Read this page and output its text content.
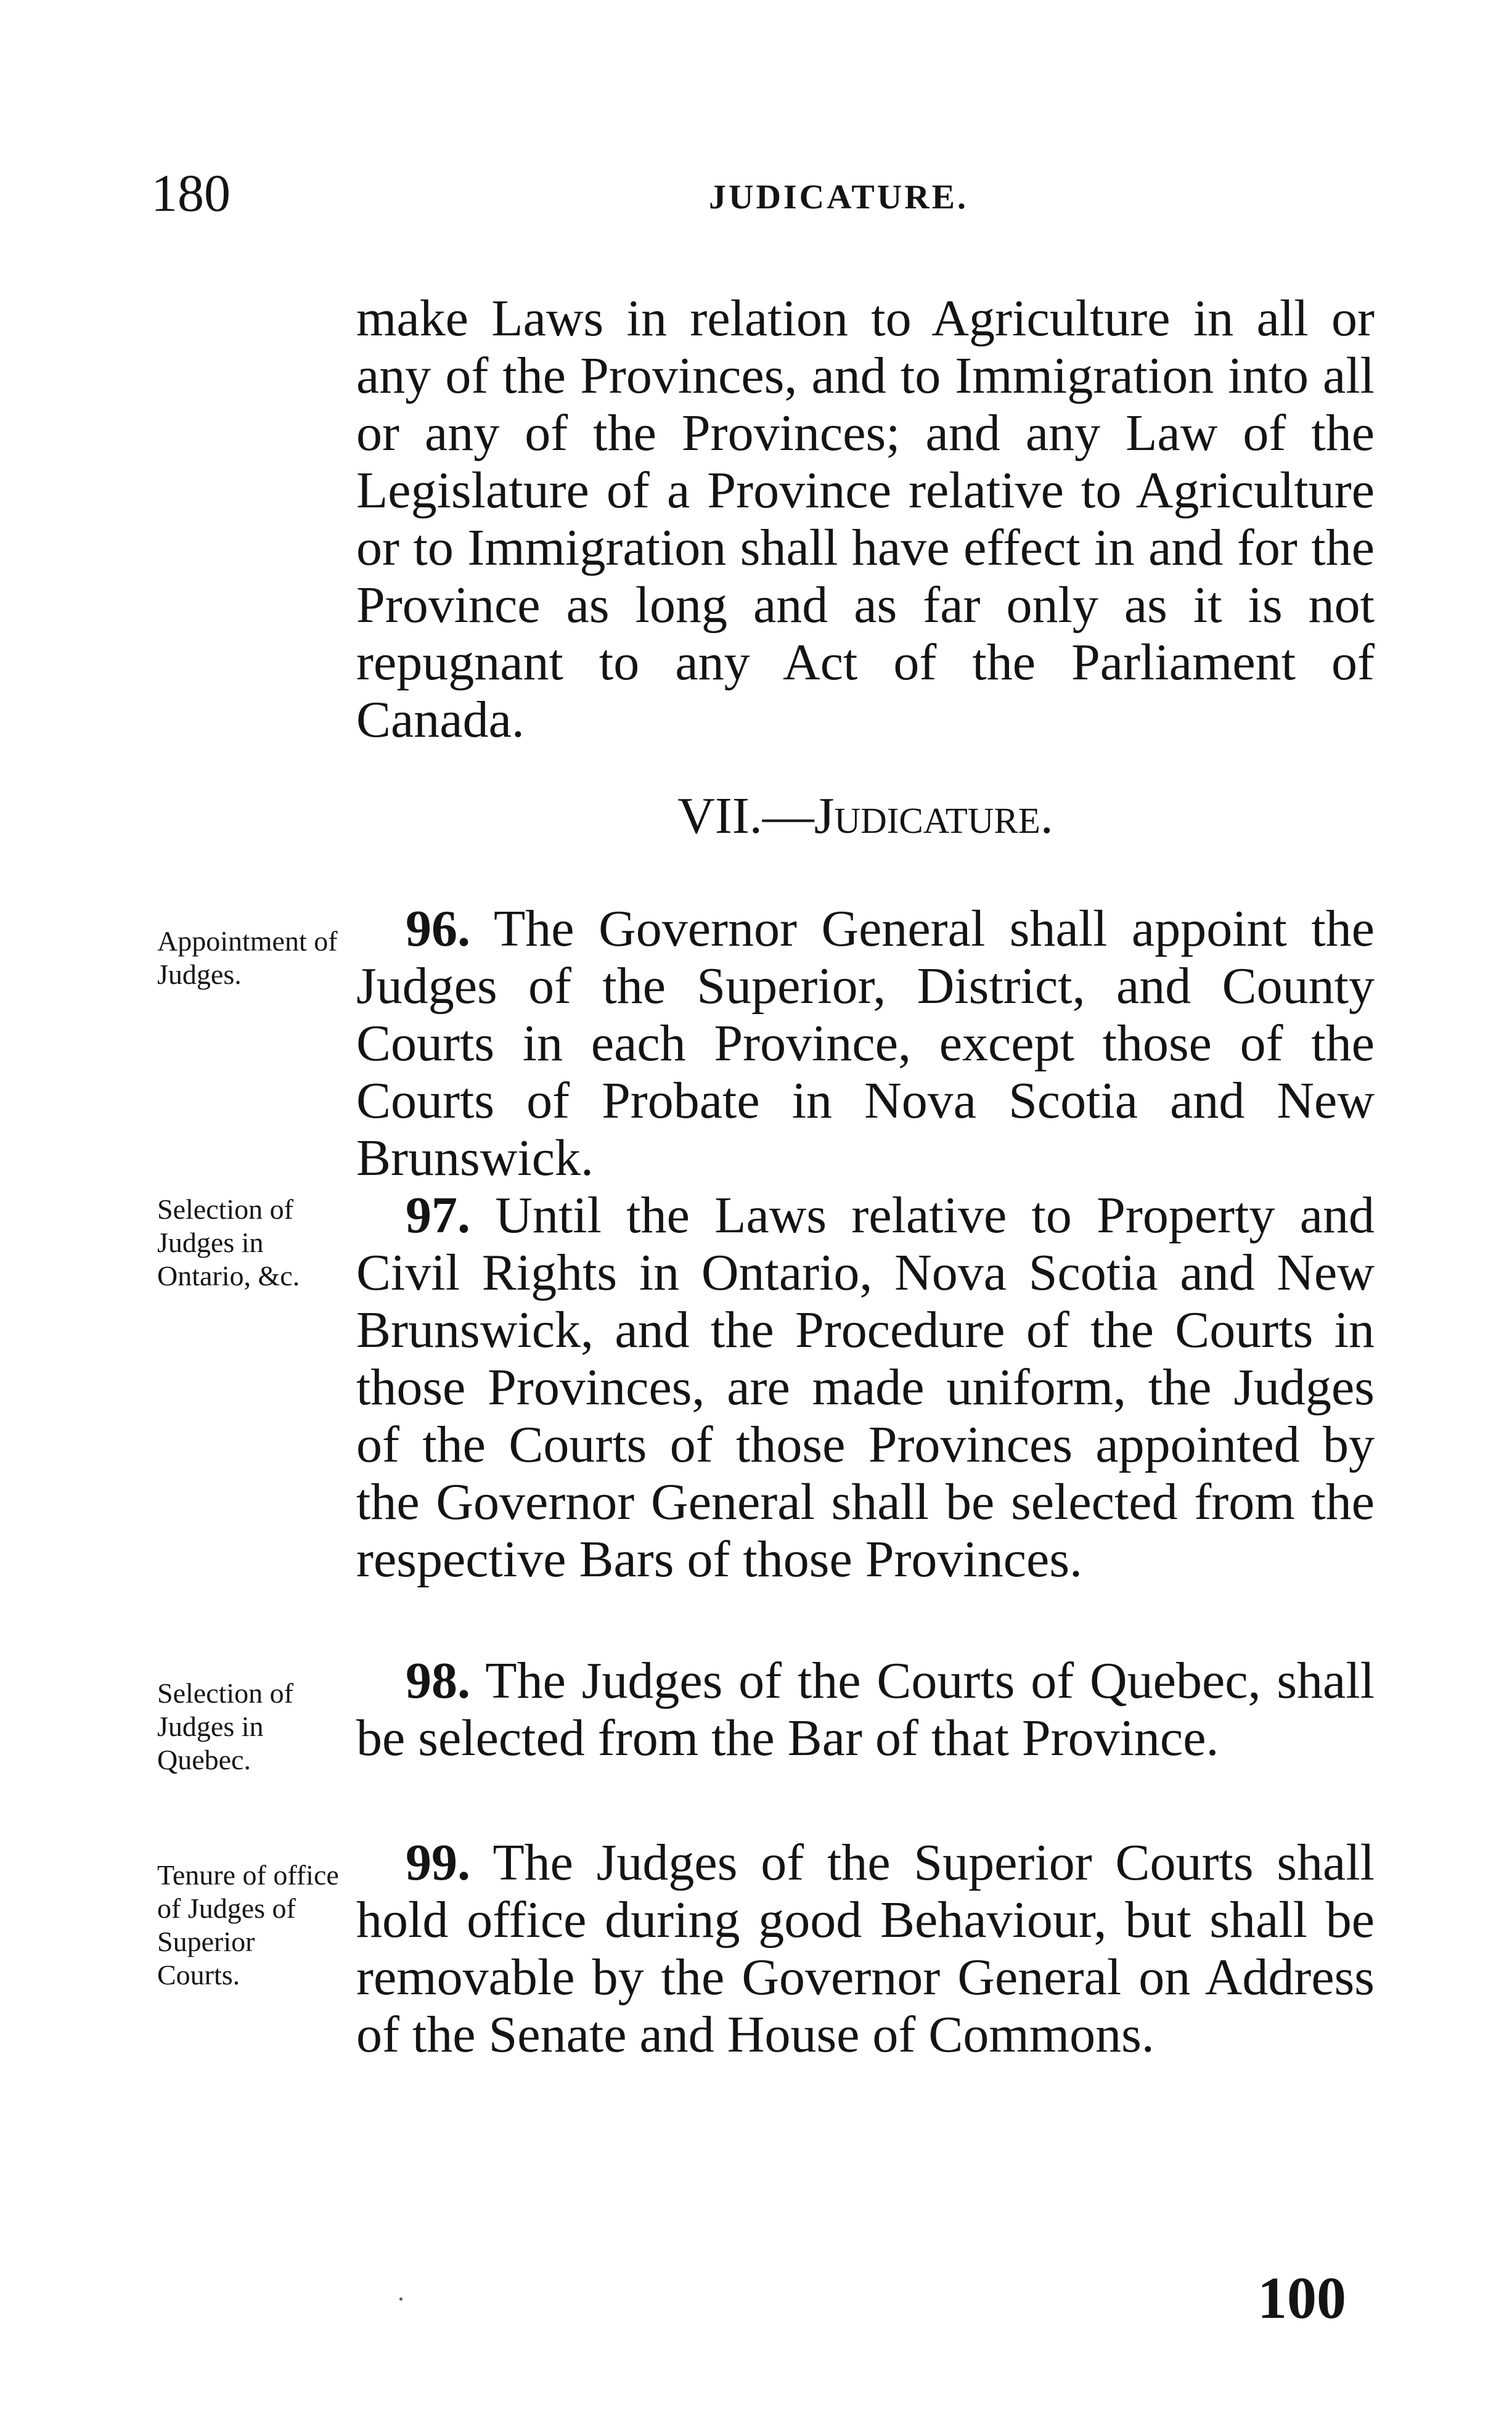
180	JUDICATURE.
make Laws in relation to Agriculture in all or any of the Provinces, and to Immigration into all or any of the Provinces; and any Law of the Legislature of a Province relative to Agriculture or to Immigration shall have effect in and for the Province as long and as far only as it is not repugnant to any Act of the Parliament of Canada.
VII.—Judicature.
Appointment of Judges.
96. The Governor General shall appoint the Judges of the Superior, District, and County Courts in each Province, except those of the Courts of Probate in Nova Scotia and New Brunswick.
Selection of Judges in Ontario, &c.
97. Until the Laws relative to Property and Civil Rights in Ontario, Nova Scotia and New Brunswick, and the Procedure of the Courts in those Provinces, are made uniform, the Judges of the Courts of those Provinces appointed by the Governor General shall be selected from the respective Bars of those Provinces.
Selection of Judges in Quebec.
98. The Judges of the Courts of Quebec, shall be selected from the Bar of that Province.
Tenure of office of Judges of Superior Courts.
99. The Judges of the Superior Courts shall hold office during good Behaviour, but shall be removable by the Governor General on Address of the Senate and House of Commons.
100
